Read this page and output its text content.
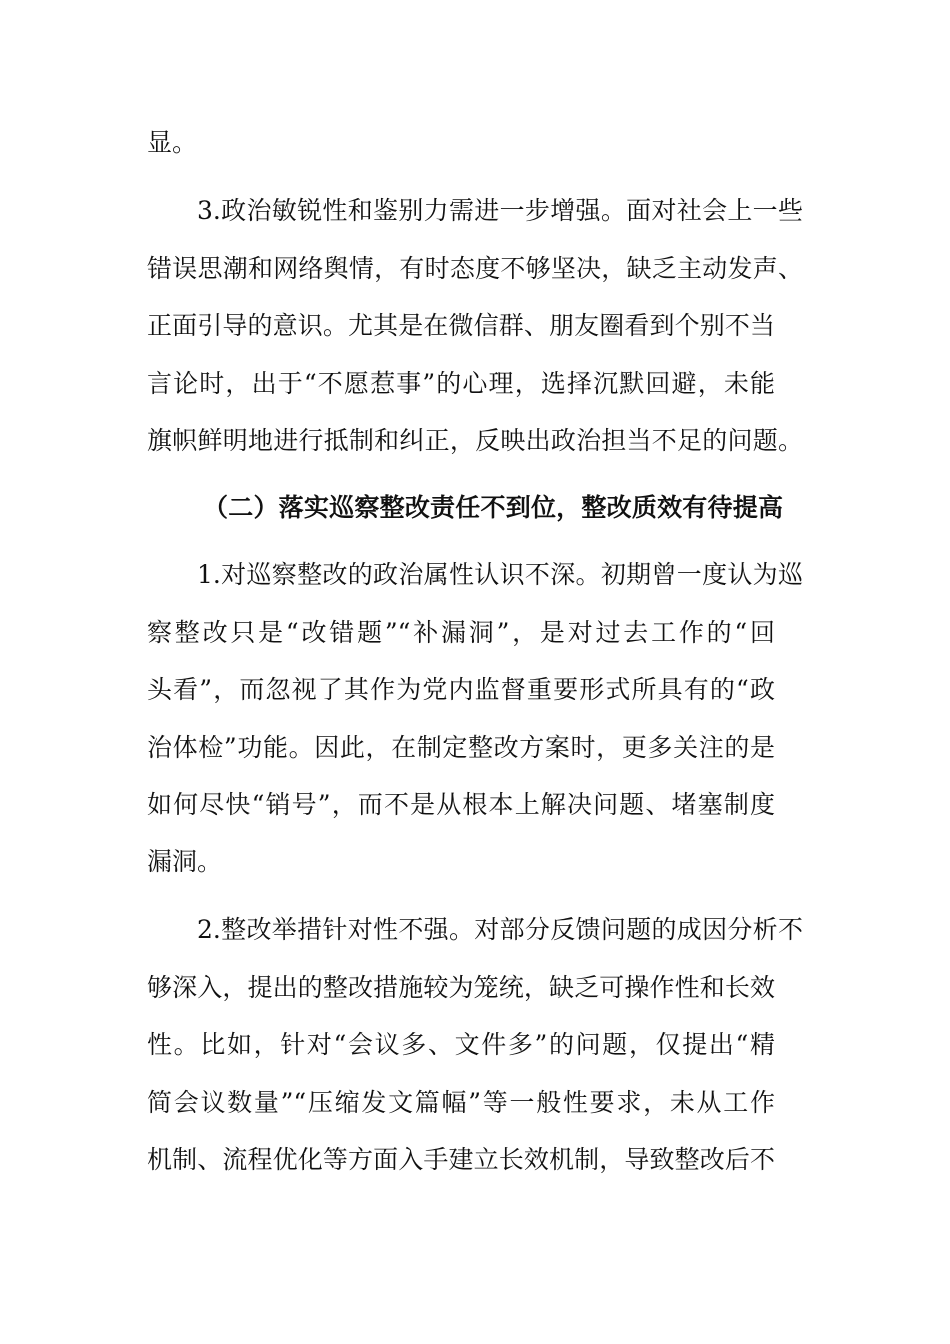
显。
3.政治敏锐性和鉴别力需进一步增强。面对社会上一些
错误思潮和网络舆情，有时态度不够坚决，缺乏主动发声、
正面引导的意识。尤其是在微信群、朋友圈看到个别不当
言论时，出于“不愿惹事”的心理，选择沉默回避，未能
旗帜鲜明地进行抵制和纠正，反映出政治担当不足的问题。
（二）落实巡察整改责任不到位，整改质效有待提高
1.对巡察整改的政治属性认识不深。初期曾一度认为巡
察整改只是“改错题”“补漏洞”，是对过去工作的“回
头看”，而忽视了其作为党内监督重要形式所具有的“政
治体检”功能。因此，在制定整改方案时，更多关注的是
如何尽快“销号”，而不是从根本上解决问题、堵塞制度
漏洞。
2.整改举措针对性不强。对部分反馈问题的成因分析不
够深入，提出的整改措施较为笼统，缺乏可操作性和长效
性。比如，针对“会议多、文件多”的问题，仅提出“精
简会议数量”“压缩发文篇幅”等一般性要求，未从工作
机制、流程优化等方面入手建立长效机制，导致整改后不
